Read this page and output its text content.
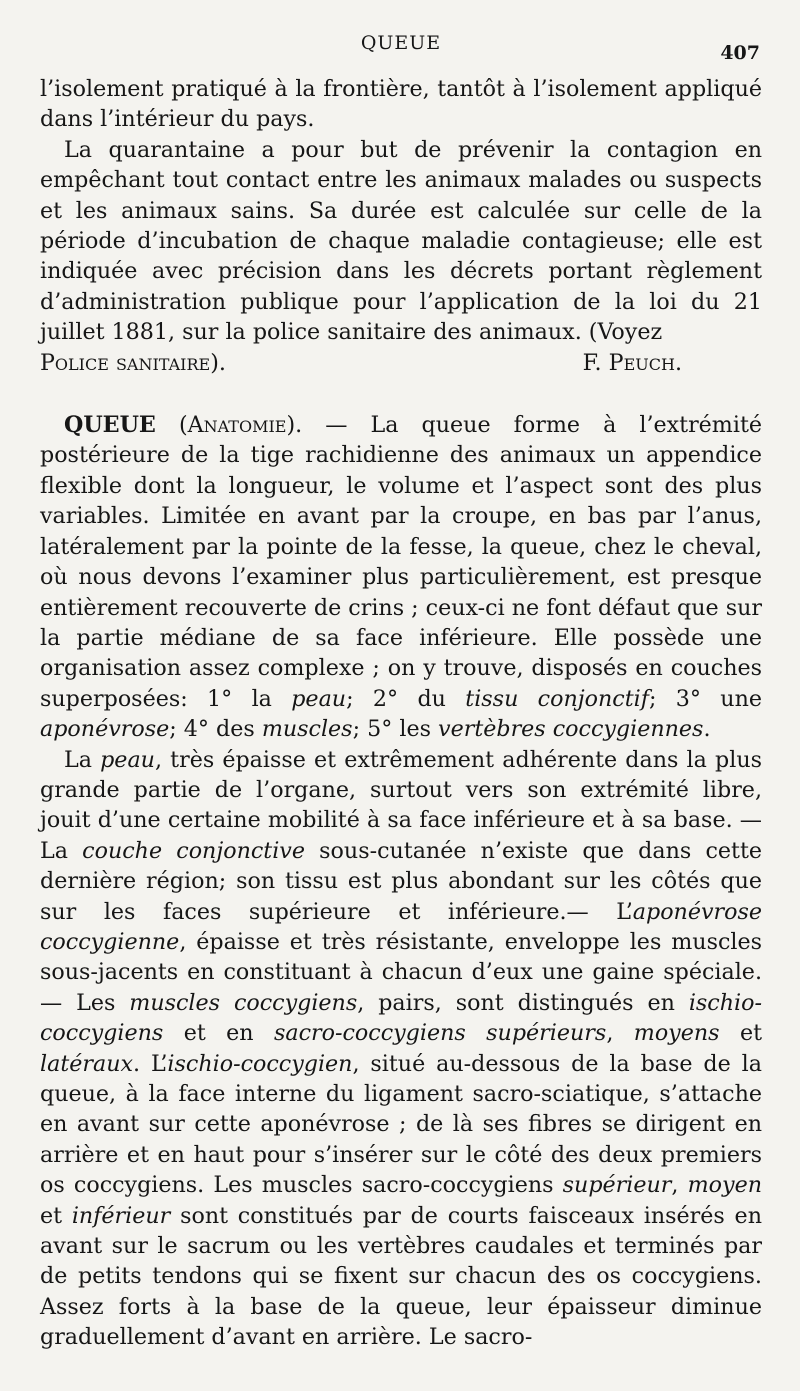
QUEUE	407

l’isolement pratiqué à la frontière, tantôt à l’isolement appliqué dans l’intérieur du pays.

La quarantaine a pour but de prévenir la contagion en empêchant tout contact entre les animaux malades ou suspects et les animaux sains. Sa durée est calculée sur celle de la période d’incubation de chaque maladie contagieuse; elle est indiquée avec précision dans les décrets portant règlement d’administration publique pour l’application de la loi du 21 juillet 1881, sur la police sanitaire des animaux. (Voyez

Police sanitaire).	F. Peuch.

QUEUE (Anatomie). — La queue forme à l’extrémité postérieure de la tige rachidienne des animaux un appendice flexible dont la longueur, le volume et l’aspect sont des plus variables. Limitée en avant par la croupe, en bas par l’anus, latéralement par la pointe de la fesse, la queue, chez le cheval, où nous devons l’examiner plus particulièrement, est presque entièrement recouverte de crins ; ceux-ci ne font défaut que sur la partie médiane de sa face inférieure. Elle possède une organisation assez complexe ; on y trouve, disposés en couches superposées: 1° la peau; 2° du tissu conjonctif; 3° une aponévrose; 4° des muscles; 5° les vertèbres coccygiennes.

La peau, très épaisse et extrêmement adhérente dans la plus grande partie de l’organe, surtout vers son extrémité libre, jouit d’une certaine mobilité à sa face inférieure et à sa base. — La couche conjonctive sous-cutanée n’existe que dans cette dernière région; son tissu est plus abondant sur les côtés que sur les faces supérieure et inférieure.— L’aponévrose coccygienne, épaisse et très résistante, enveloppe les muscles sous-jacents en constituant à chacun d’eux une gaine spéciale.— Les muscles coccygiens, pairs, sont distingués en ischio-coccygiens et en sacro-coccygiens supérieurs, moyens et latéraux. L’ischio-coccygien, situé au-dessous de la base de la queue, à la face interne du ligament sacro-sciatique, s’attache en avant sur cette aponévrose ; de là ses fibres se dirigent en arrière et en haut pour s’insérer sur le côté des deux premiers os coccygiens. Les muscles sacro-coccygiens supérieur, moyen et inférieur sont constitués par de courts faisceaux insérés en avant sur le sacrum ou les vertèbres caudales et terminés par de petits tendons qui se fixent sur chacun des os coccygiens. Assez forts à la base de la queue, leur épaisseur diminue graduellement d’avant en arrière. Le sacro-
